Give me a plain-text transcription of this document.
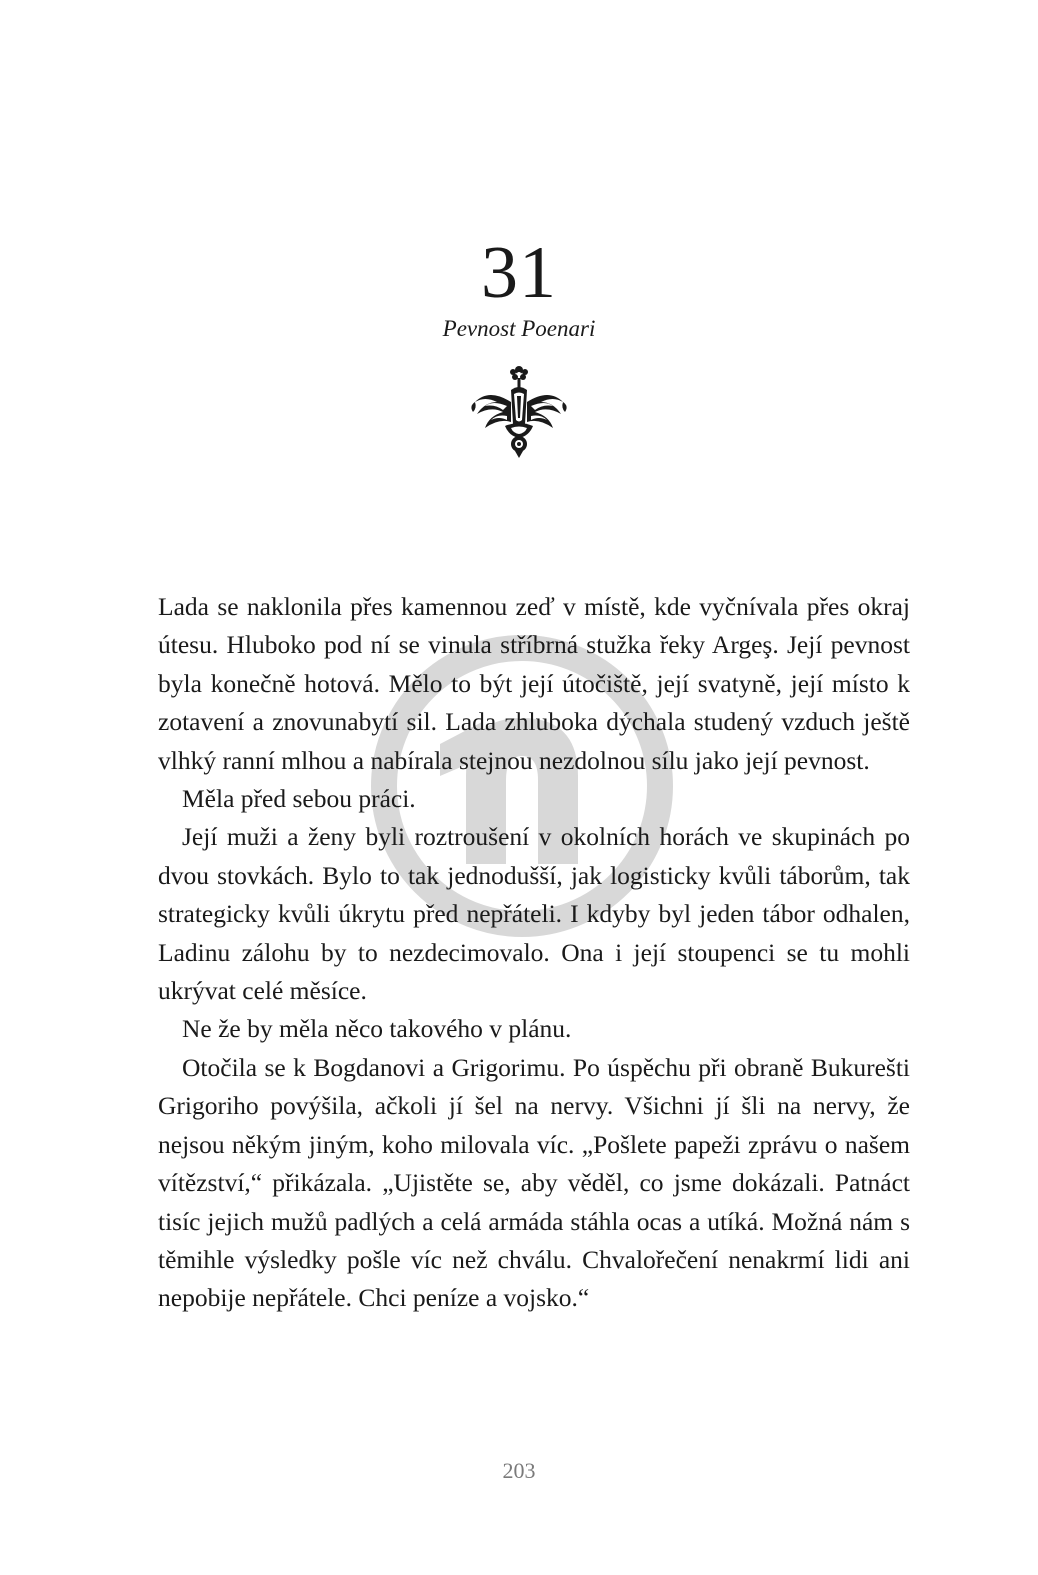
31
Pevnost Poenari

Lada se naklonila přes kamennou zeď v místě, kde vyčnívala přes okraj útesu. Hluboko pod ní se vinula stříbrná stužka řeky Argeş. Její pevnost byla konečně hotová. Mělo to být její útočiště, její svatyně, její místo k zotavení a znovunabytí sil. Lada zhluboka dýchala studený vzduch ještě vlhký ranní mlhou a nabírala stejnou nezdolnou sílu jako její pevnost.

Měla před sebou práci.

Její muži a ženy byli roztroušení v okolních horách ve skupinách po dvou stovkách. Bylo to tak jednodušší, jak logisticky kvůli táborům, tak strategicky kvůli úkrytu před nepřáteli. I kdyby byl jeden tábor odhalen, Ladinu zálohu by to nezdecimovalo. Ona i její stoupenci se tu mohli ukrývat celé měsíce.

Ne že by měla něco takového v plánu.

Otočila se k Bogdanovi a Grigorimu. Po úspěchu při obraně Bukurešti Grigoriho povýšila, ačkoli jí šel na nervy. Všichni jí šli na nervy, že nejsou někým jiným, koho milovala víc. „Pošlete papeži zprávu o našem vítězství,“ přikázala. „Ujistěte se, aby věděl, co jsme dokázali. Patnáct tisíc jejich mužů padlých a celá armáda stáhla ocas a utíká. Možná nám s těmihle výsledky pošle víc než chválu. Chvalořečení nenakrmí lidi ani nepobije nepřátele. Chci peníze a vojsko.“

203
